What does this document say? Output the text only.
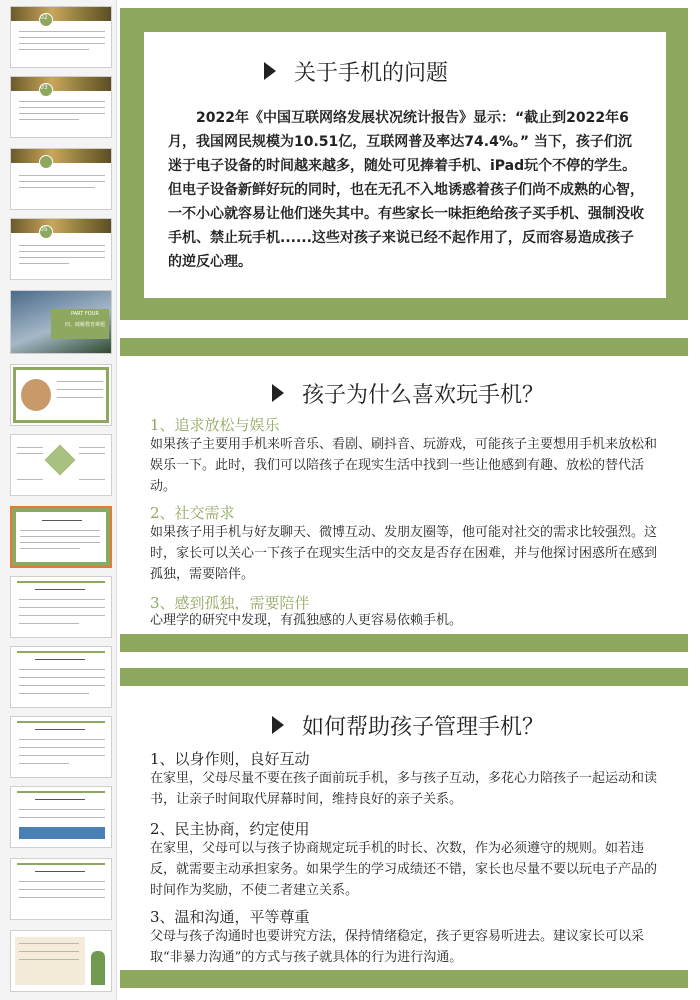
02
03
05
PART FOUR
四、破解教育难题
关于手机的问题
2022年《中国互联网络发展状况统计报告》显示：“截止到2022年6月，我国网民规模为10.51亿，互联网普及率达74.4%。” 当下，孩子们沉迷于电子设备的时间越来越多，随处可见捧着手机、iPad玩个不停的学生。但电子设备新鲜好玩的同时，也在无孔不入地诱惑着孩子们尚不成熟的心智，一不小心就容易让他们迷失其中。有些家长一味拒绝给孩子买手机、强制没收手机、禁止玩手机......这些对孩子来说已经不起作用了，反而容易造成孩子的逆反心理。
孩子为什么喜欢玩手机？
1、追求放松与娱乐
如果孩子主要用手机来听音乐、看剧、刷抖音、玩游戏，可能孩子主要想用手机来放松和娱乐一下。此时，我们可以陪孩子在现实生活中找到一些让他感到有趣、放松的替代活动。
2、社交需求
如果孩子用手机与好友聊天、微博互动、发朋友圈等，他可能对社交的需求比较强烈。这时，家长可以关心一下孩子在现实生活中的交友是否存在困难，并与他探讨困惑所在感到孤独，需要陪伴。
3、感到孤独，需要陪伴
心理学的研究中发现，有孤独感的人更容易依赖手机。
如何帮助孩子管理手机？
1、以身作则，良好互动
在家里，父母尽量不要在孩子面前玩手机，多与孩子互动，多花心力陪孩子一起运动和读书，让亲子时间取代屏幕时间，维持良好的亲子关系。
2、民主协商，约定使用
在家里，父母可以与孩子协商规定玩手机的时长、次数，作为必须遵守的规则。如若违反，就需要主动承担家务。如果学生的学习成绩还不错，家长也尽量不要以玩电子产品的时间作为奖励，不使二者建立关系。
3、温和沟通，平等尊重
父母与孩子沟通时也要讲究方法，保持情绪稳定，孩子更容易听进去。建议家长可以采取“非暴力沟通”的方式与孩子就具体的行为进行沟通。
